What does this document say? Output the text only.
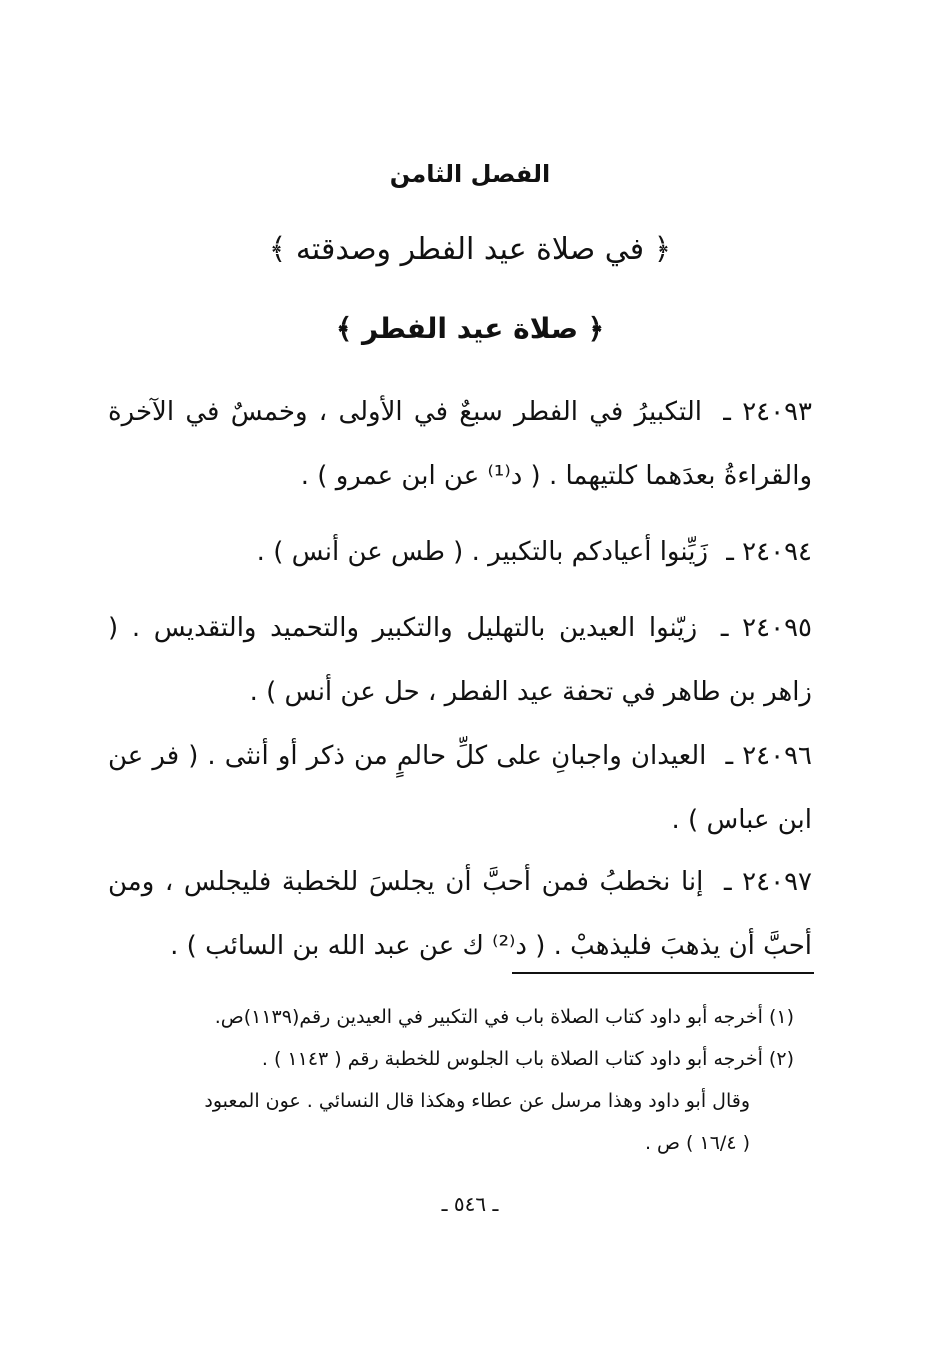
الفصل الثامن
﴿ في صلاة عيد الفطر وصدقته ﴾
﴿ صلاة عيد الفطر ﴾
٢٤٠٩٣ ـ التكبيرُ في الفطر سبعٌ في الأولى ، وخمسٌ في الآخرة والقراءةُ بعدَهما كلتيهما . ( د⁽¹⁾ عن ابن عمرو ) .
٢٤٠٩٤ ـ زَيِّنوا أعيادكم بالتكبير . ( طس عن أنس ) .
٢٤٠٩٥ ـ زيّنوا العيدين بالتهليل والتكبير والتحميد والتقديس . ( زاهر بن طاهر في تحفة عيد الفطر ، حل عن أنس ) .
٢٤٠٩٦ ـ العيدان واجبانِ على كلِّ حالمٍ من ذكر أو أنثى . ( فر عن ابن عباس ) .
٢٤٠٩٧ ـ إنا نخطبُ فمن أحبَّ أن يجلسَ للخطبة فليجلس ، ومن أحبَّ أن يذهبَ فليذهبْ . ( د⁽²⁾ ك عن عبد الله بن السائب ) .

(١) أخرجه أبو داود كتاب الصلاة باب في التكبير في العيدين رقم(١١٣٩)ص.

(٢) أخرجه أبو داود كتاب الصلاة باب الجلوس للخطبة رقم ( ١١٤٣ ) .

وقال أبو داود وهذا مرسل عن عطاء وهكذا قال النسائي . عون المعبود

( ١٦/٤ ) ص .

ـ ٥٤٦ ـ
